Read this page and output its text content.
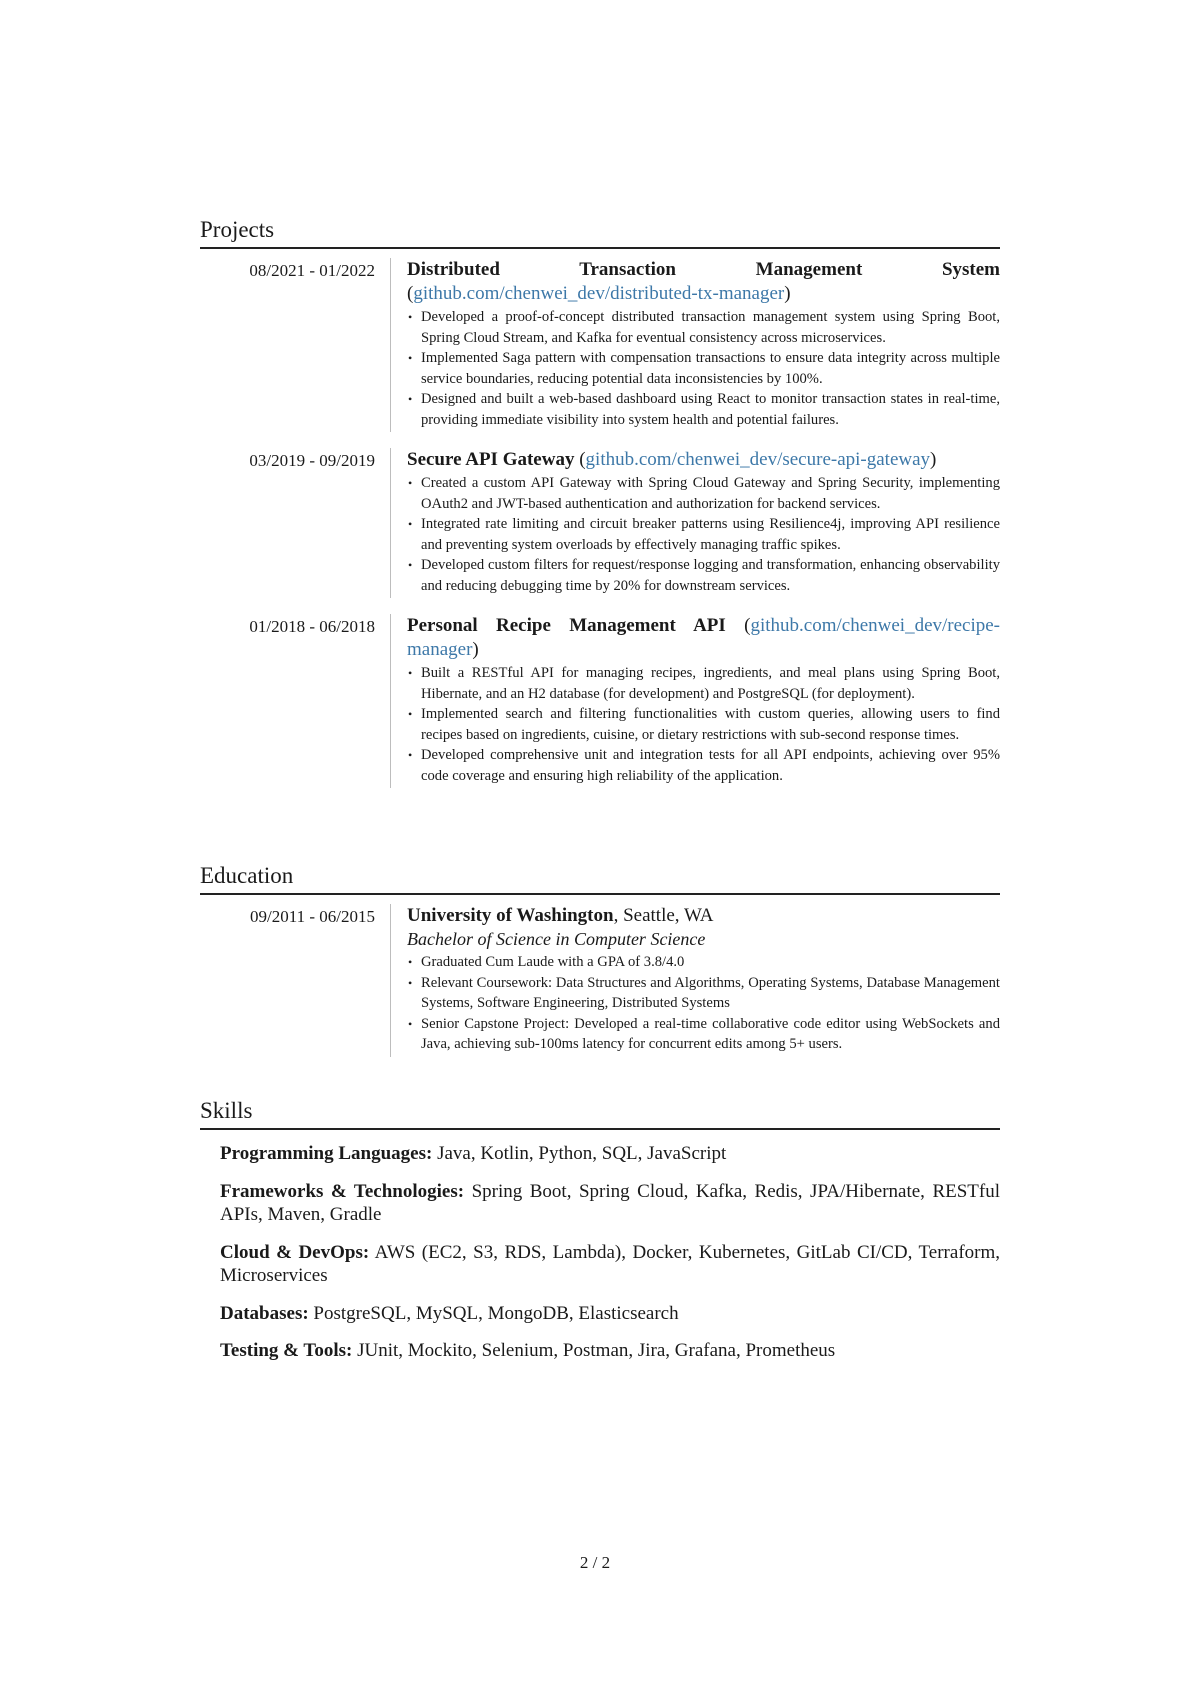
Projects
08/2021 - 01/2022	Distributed Transaction Management System (github.com/chenwei_dev/distributed-tx-manager)
• Developed a proof-of-concept distributed transaction management system using Spring Boot, Spring Cloud Stream, and Kafka for eventual consistency across microservices.
• Implemented Saga pattern with compensation transactions to ensure data integrity across multiple service boundaries, reducing potential data inconsistencies by 100%.
• Designed and built a web-based dashboard using React to monitor transaction states in real-time, providing immediate visibility into system health and potential failures.
03/2019 - 09/2019	Secure API Gateway (github.com/chenwei_dev/secure-api-gateway)
• Created a custom API Gateway with Spring Cloud Gateway and Spring Security, implementing OAuth2 and JWT-based authentication and authorization for backend services.
• Integrated rate limiting and circuit breaker patterns using Resilience4j, improving API resilience and preventing system overloads by effectively managing traffic spikes.
• Developed custom filters for request/response logging and transformation, enhancing observability and reducing debugging time by 20% for downstream services.
01/2018 - 06/2018	Personal Recipe Management API (github.com/chenwei_dev/recipe-manager)
• Built a RESTful API for managing recipes, ingredients, and meal plans using Spring Boot, Hibernate, and an H2 database (for development) and PostgreSQL (for deployment).
• Implemented search and filtering functionalities with custom queries, allowing users to find recipes based on ingredients, cuisine, or dietary restrictions with sub-second response times.
• Developed comprehensive unit and integration tests for all API endpoints, achieving over 95% code coverage and ensuring high reliability of the application.
Education
09/2011 - 06/2015	University of Washington, Seattle, WA
Bachelor of Science in Computer Science
• Graduated Cum Laude with a GPA of 3.8/4.0
• Relevant Coursework: Data Structures and Algorithms, Operating Systems, Database Management Systems, Software Engineering, Distributed Systems
• Senior Capstone Project: Developed a real-time collaborative code editor using WebSockets and Java, achieving sub-100ms latency for concurrent edits among 5+ users.
Skills
Programming Languages: Java, Kotlin, Python, SQL, JavaScript
Frameworks & Technologies: Spring Boot, Spring Cloud, Kafka, Redis, JPA/Hibernate, RESTful APIs, Maven, Gradle
Cloud & DevOps: AWS (EC2, S3, RDS, Lambda), Docker, Kubernetes, GitLab CI/CD, Terraform, Microservices
Databases: PostgreSQL, MySQL, MongoDB, Elasticsearch
Testing & Tools: JUnit, Mockito, Selenium, Postman, Jira, Grafana, Prometheus
2 / 2
